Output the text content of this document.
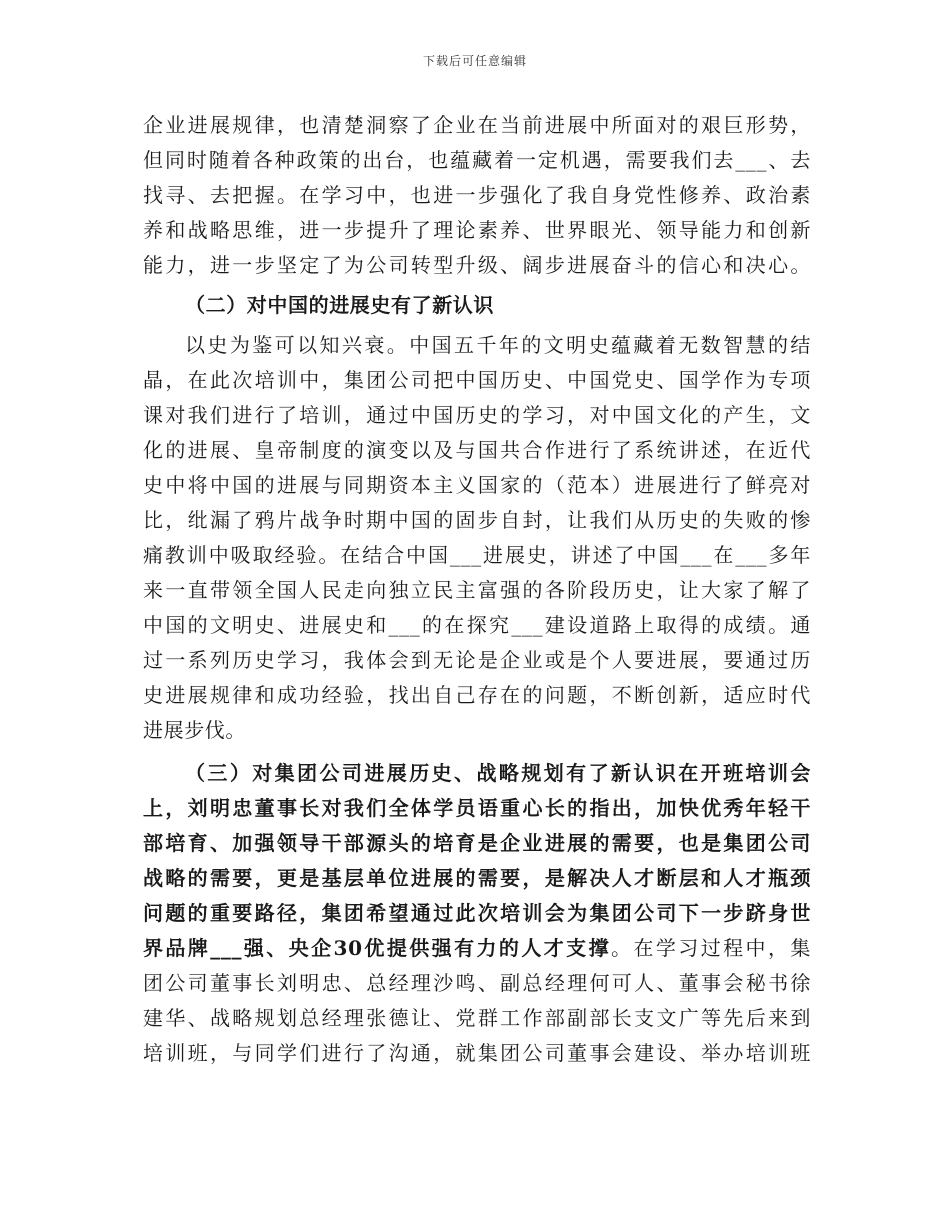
下载后可任意编辑
企业进展规律，也清楚洞察了企业在当前进展中所面对的艰巨形势，
但同时随着各种政策的出台，也蕴藏着一定机遇，需要我们去___、去
找寻、去把握。在学习中，也进一步强化了我自身党性修养、政治素
养和战略思维，进一步提升了理论素养、世界眼光、领导能力和创新
能力，进一步坚定了为公司转型升级、阔步进展奋斗的信心和决心。
（二）对中国的进展史有了新认识
以史为鉴可以知兴衰。中国五千年的文明史蕴藏着无数智慧的结
晶，在此次培训中，集团公司把中国历史、中国党史、国学作为专项
课对我们进行了培训，通过中国历史的学习，对中国文化的产生，文
化的进展、皇帝制度的演变以及与国共合作进行了系统讲述，在近代
史中将中国的进展与同期资本主义国家的（范本）进展进行了鲜亮对
比，纰漏了鸦片战争时期中国的固步自封，让我们从历史的失败的惨
痛教训中吸取经验。在结合中国___进展史，讲述了中国___在___多年
来一直带领全国人民走向独立民主富强的各阶段历史，让大家了解了
中国的文明史、进展史和___的在探究___建设道路上取得的成绩。通
过一系列历史学习，我体会到无论是企业或是个人要进展，要通过历
史进展规律和成功经验，找出自己存在的问题，不断创新，适应时代
进展步伐。
（三）对集团公司进展历史、战略规划有了新认识在开班培训会
上，刘明忠董事长对我们全体学员语重心长的指出，加快优秀年轻干
部培育、加强领导干部源头的培育是企业进展的需要，也是集团公司
战略的需要，更是基层单位进展的需要，是解决人才断层和人才瓶颈
问题的重要路径，集团希望通过此次培训会为集团公司下一步跻身世
界品牌___强、央企30优提供强有力的人才支撑。在学习过程中，集
团公司董事长刘明忠、总经理沙鸣、副总经理何可人、董事会秘书徐
建华、战略规划总经理张德让、党群工作部副部长支文广等先后来到
培训班，与同学们进行了沟通，就集团公司董事会建设、举办培训班
